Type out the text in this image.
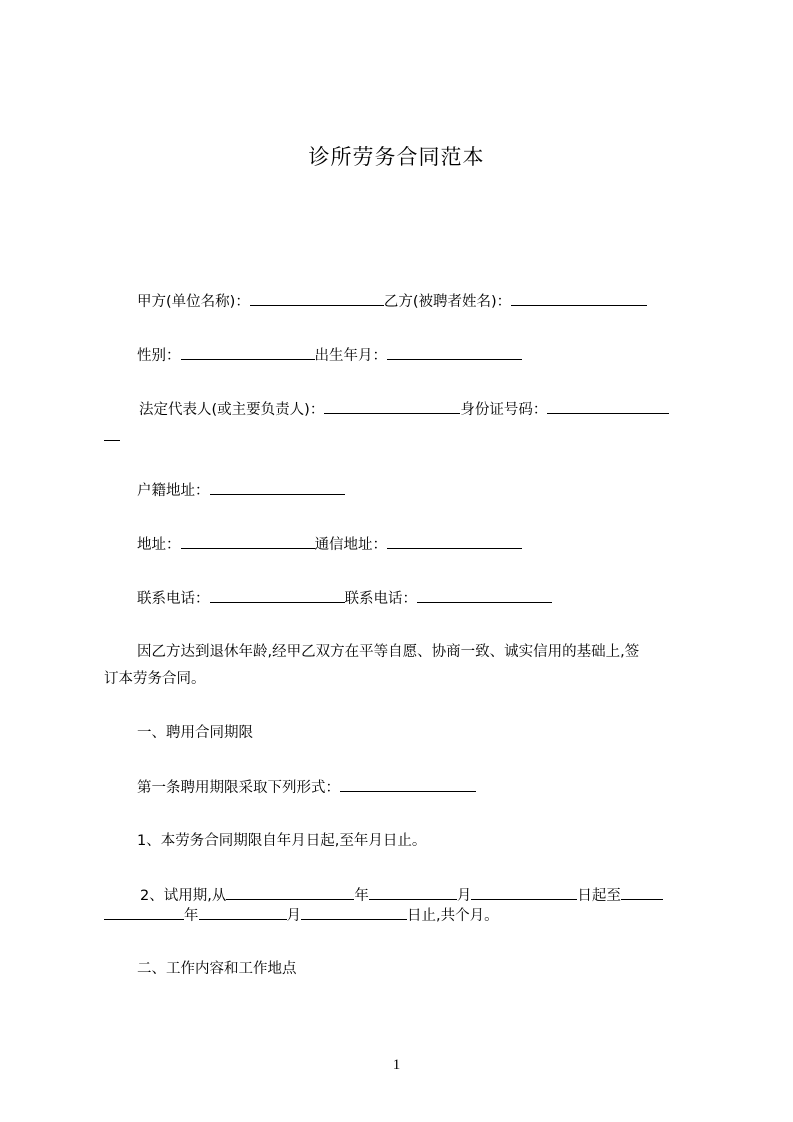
诊所劳务合同范本
甲方(单位名称)：	乙方(被聘者姓名)：
性别：	出生年月：
法定代表人(或主要负责人)：	身份证号码：
户籍地址：
地址：	通信地址：
联系电话：	联系电话：
因乙方达到退休年龄,经甲乙双方在平等自愿、协商一致、诚实信用的基础上,签
订本劳务合同。
一、聘用合同期限
第一条聘用期限采取下列形式：
1、本劳务合同期限自年月日起,至年月日止。
2、试用期,从	年	月	日起至
年	月	日止,共个月。
二、工作内容和工作地点
1
